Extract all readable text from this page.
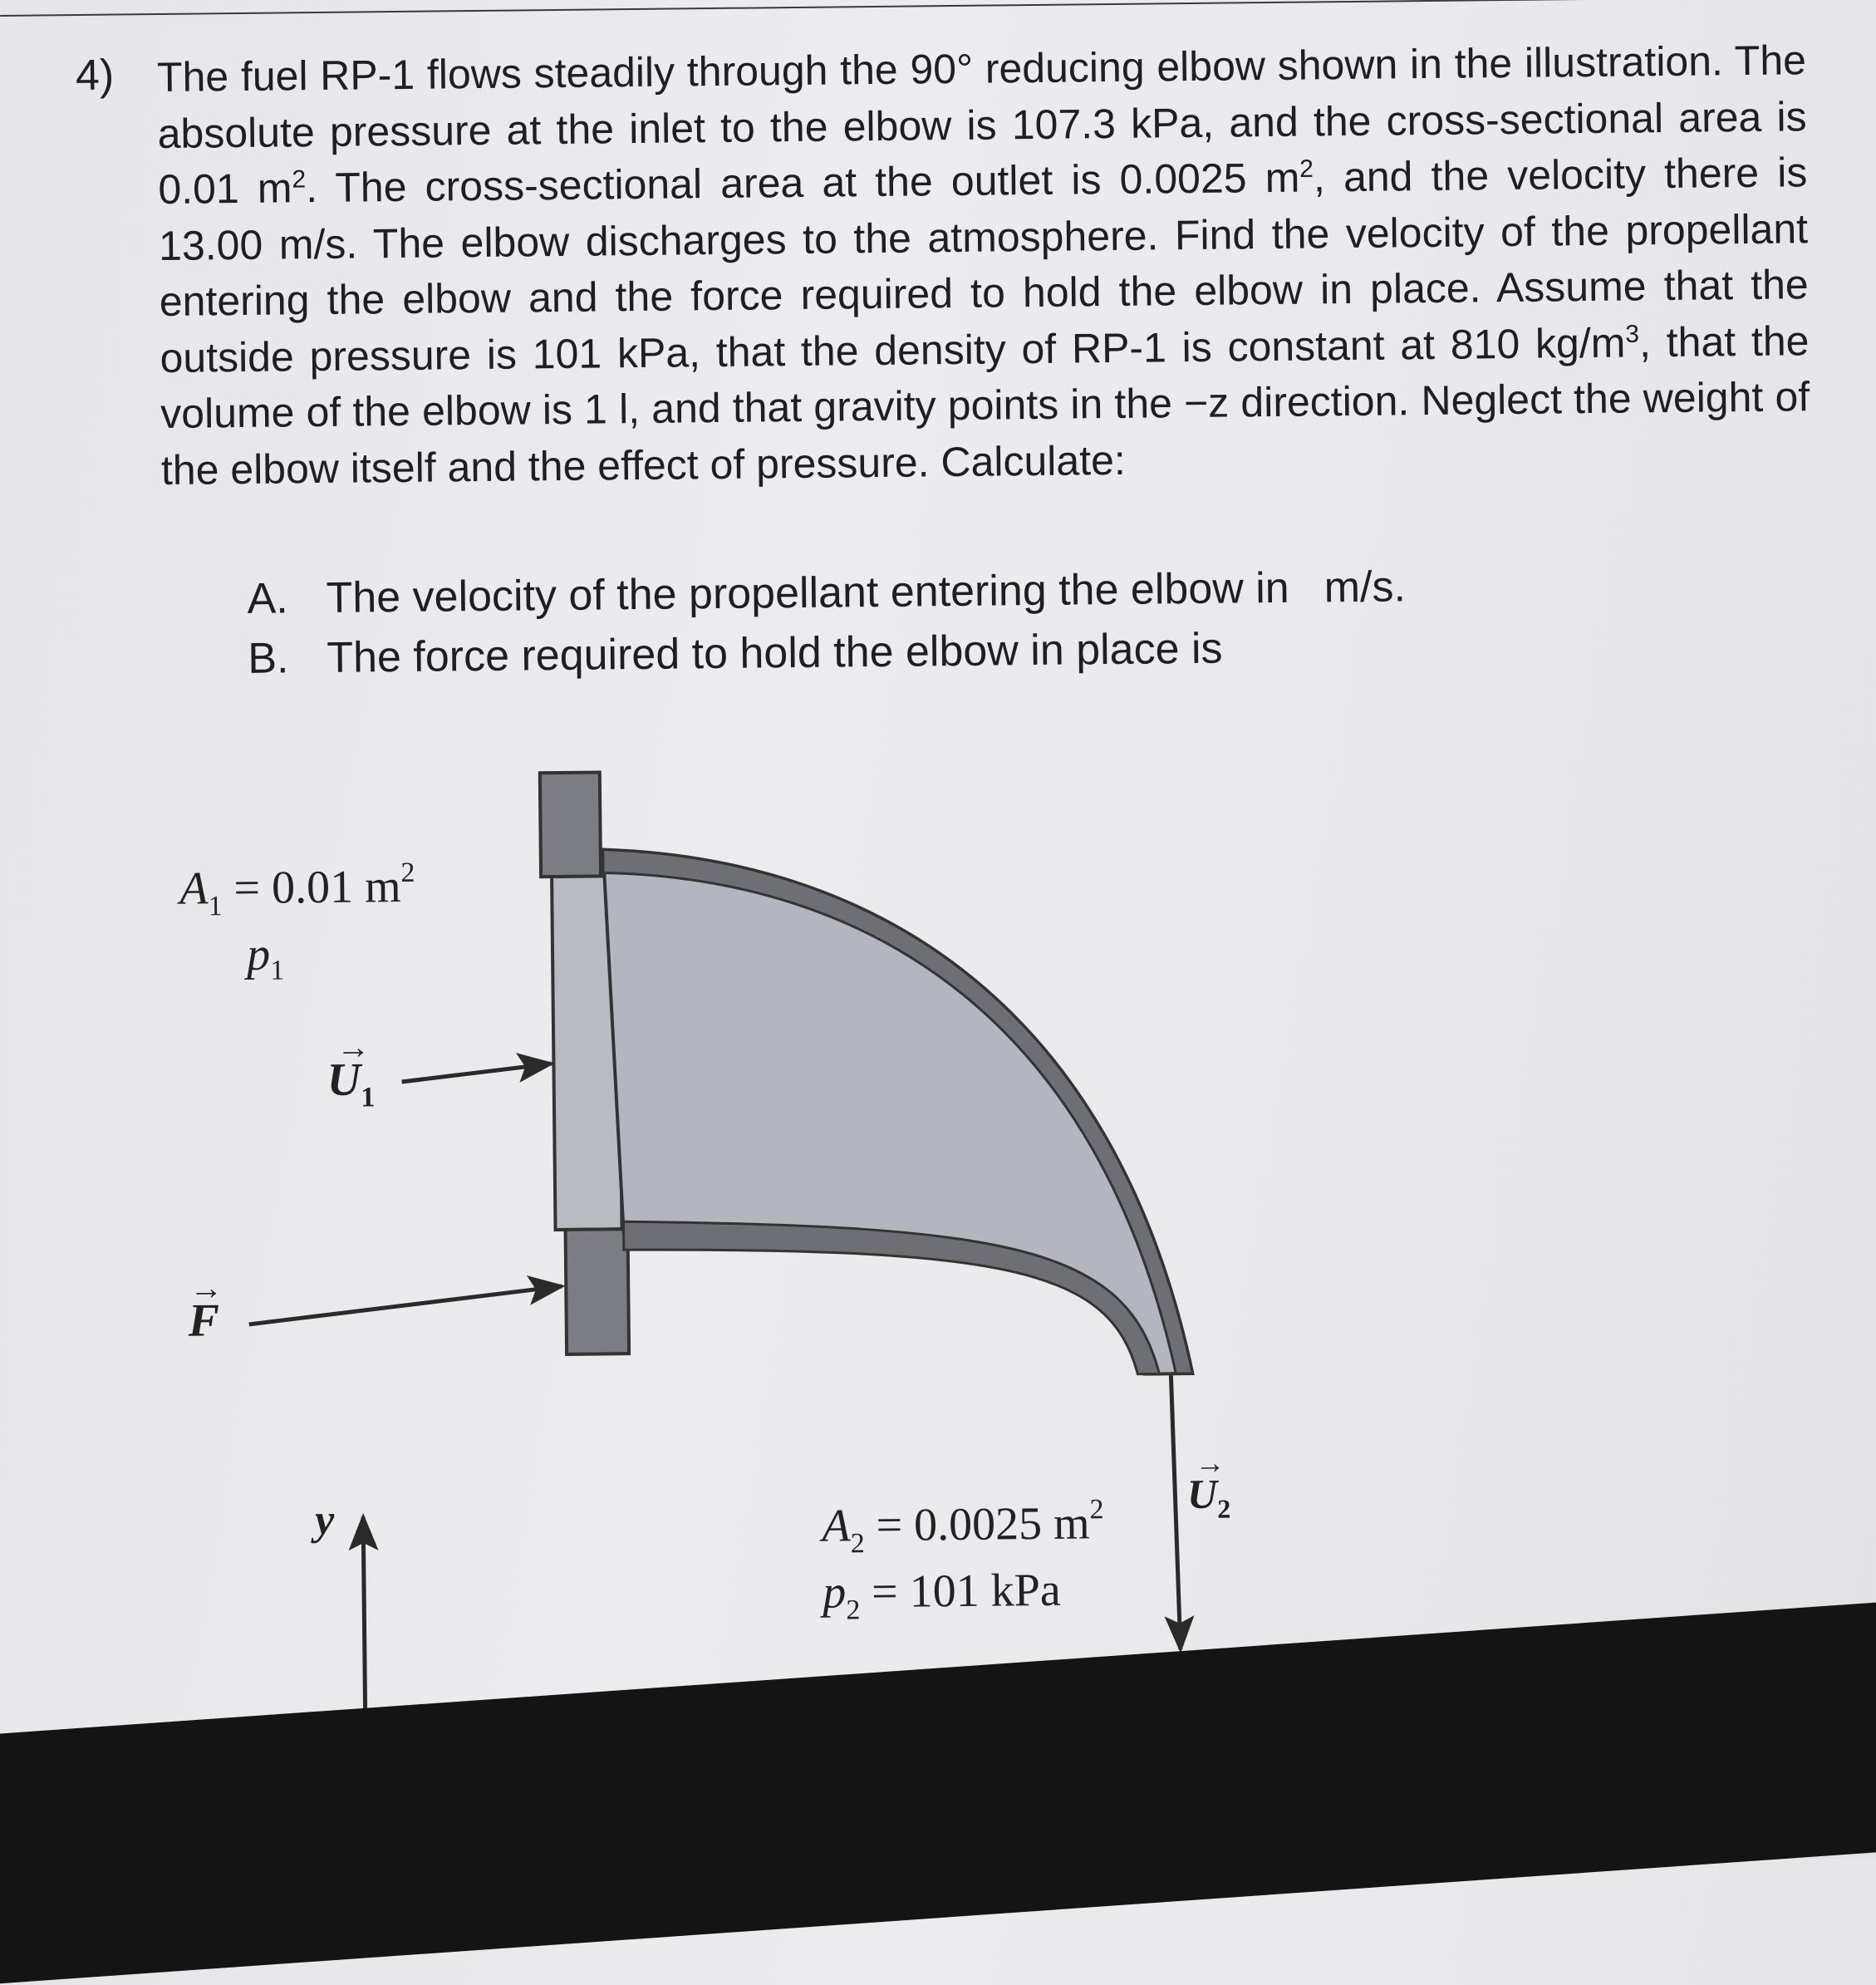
4) The fuel RP-1 flows steadily through the 90° reducing elbow shown in the illustration. The absolute pressure at the inlet to the elbow is 107.3 kPa, and the cross-sectional area is 0.01 $m^2$. The cross-sectional area at the outlet is 0.0025 $m^2$, and the velocity there is 13.00 m/s. The elbow discharges to the atmosphere. Find the velocity of the propellant entering the elbow and the force required to hold the elbow in place. Assume that the outside pressure is 101 kPa, that the density of RP-1 is constant at 810 $kg/m^3$, that the volume of the elbow is 1 l, and that gravity points in the −z direction. Neglect the weight of the elbow itself and the effect of pressure. Calculate:

A. The velocity of the propellant entering the elbow in m/s.
B. The force required to hold the elbow in place is
$A_1 = 0.01$ $m^2$
$p_1$
$U_1$
→
F
→
$A_2 = 0.0025$ $m^2$
$p_2 = 101$ kPa
$U_2$
→
y
